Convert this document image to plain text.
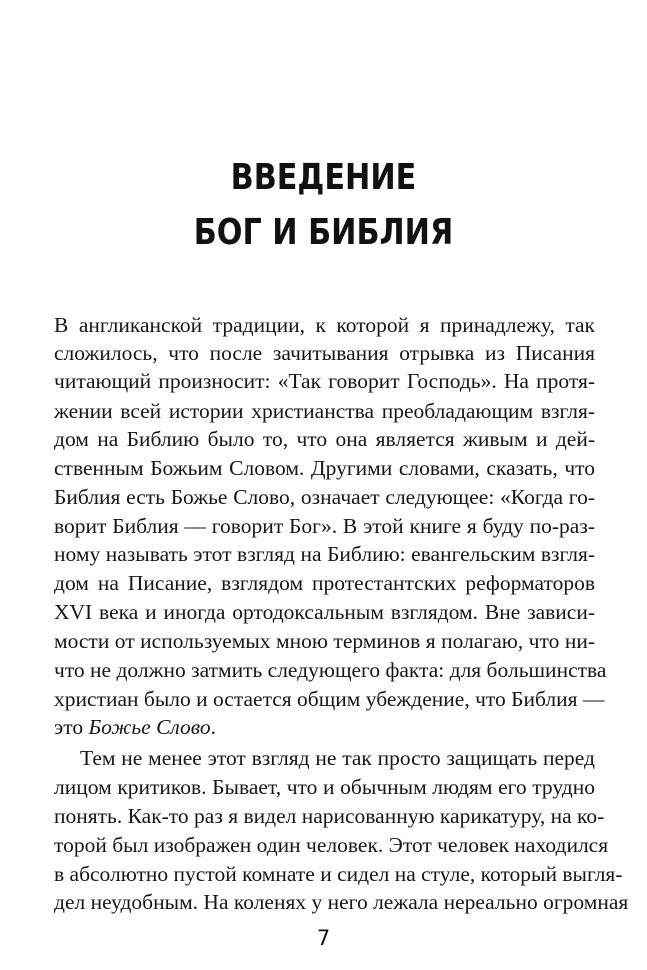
ВВЕДЕНИЕ
БОГ И БИБЛИЯ

В англиканской традиции, к которой я принадлежу, так

сложилось, что после зачитывания отрывка из Писания

читающий произносит: «Так говорит Господь». На протя-

жении всей истории христианства преобладающим взгля-

дом на Библию было то, что она является живым и дей-

ственным Божьим Словом. Другими словами, сказать, что

Библия есть Божье Слово, означает следующее: «Когда го-

ворит Библия — говорит Бог». В этой книге я буду по-раз-

ному называть этот взгляд на Библию: евангельским взгля-

дом на Писание, взглядом протестантских реформаторов

XVI века и иногда ортодоксальным взглядом. Вне зависи-

мости от используемых мною терминов я полагаю, что ни-

что не должно затмить следующего факта: для большинства

христиан было и остается общим убеждение, что Библия —

это Божье Слово.

Тем не менее этот взгляд не так просто защищать перед

лицом критиков. Бывает, что и обычным людям его трудно

понять. Как-то раз я видел нарисованную карикатуру, на ко-

торой был изображен один человек. Этот человек находился

в абсолютно пустой комнате и сидел на стуле, который выгля-

дел неудобным. На коленях у него лежала нереально огромная

7
